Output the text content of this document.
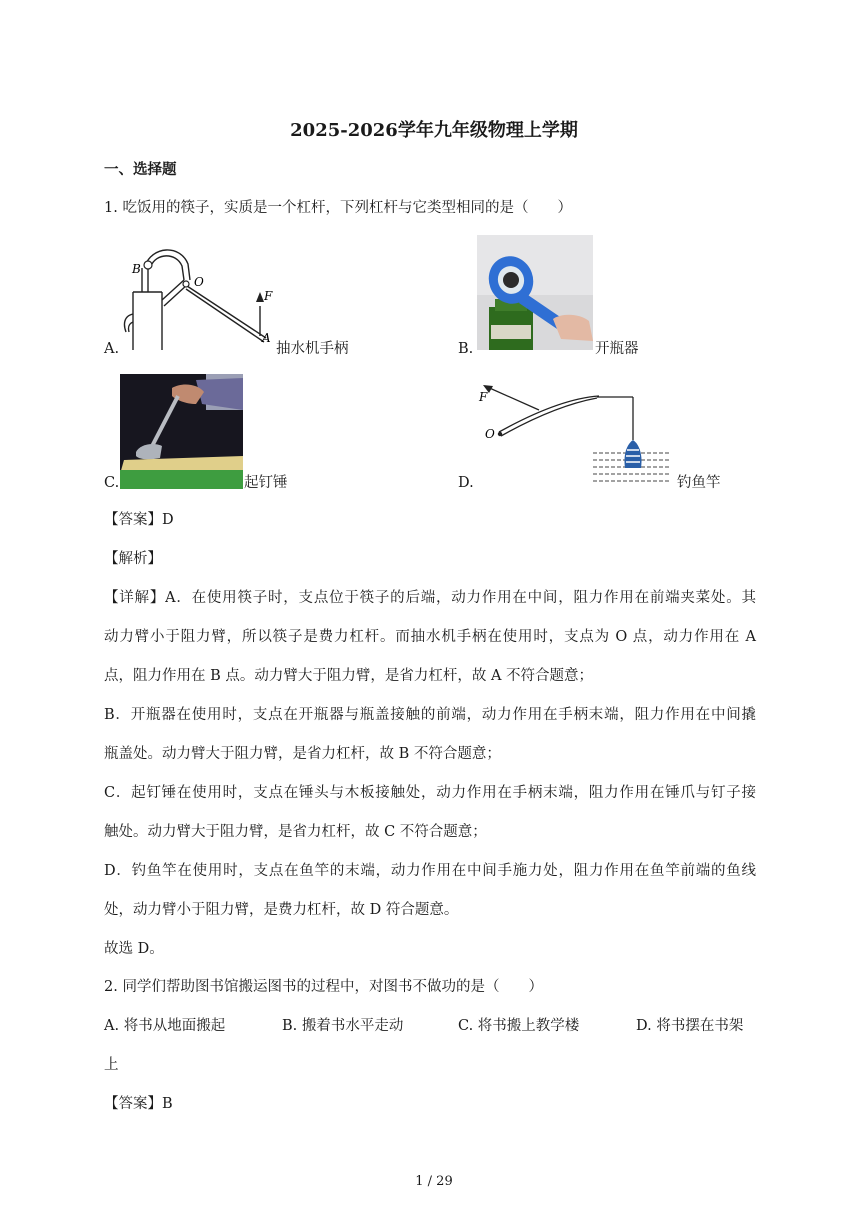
2025-2026学年九年级物理上学期
一、选择题
1. 吃饭用的筷子，实质是一个杠杆，下列杠杆与它类型相同的是（　　）
A.
B
O
F
A
抽水机手柄	B.	开瓶器
C.	起钉锤	D.
F
O
钓鱼竿
【答案】D
【解析】
【详解】A．在使用筷子时，支点位于筷子的后端，动力作用在中间，阻力作用在前端夹菜处。其
动力臂小于阻力臂，所以筷子是费力杠杆。而抽水机手柄在使用时，支点为 O 点，动力作用在 A
点，阻力作用在 B 点。动力臂大于阻力臂，是省力杠杆，故 A 不符合题意；
B．开瓶器在使用时，支点在开瓶器与瓶盖接触的前端，动力作用在手柄末端，阻力作用在中间撬
瓶盖处。动力臂大于阻力臂，是省力杠杆，故 B 不符合题意；
C．起钉锤在使用时，支点在锤头与木板接触处，动力作用在手柄末端，阻力作用在锤爪与钉子接
触处。动力臂大于阻力臂，是省力杠杆，故 C 不符合题意；
D．钓鱼竿在使用时，支点在鱼竿的末端，动力作用在中间手施力处，阻力作用在鱼竿前端的鱼线
处，动力臂小于阻力臂，是费力杠杆，故 D 符合题意。
故选 D。
2. 同学们帮助图书馆搬运图书的过程中，对图书不做功的是（　　）
A. 将书从地面搬起	B. 搬着书水平走动	C. 将书搬上教学楼	D. 将书摆在书架
上
【答案】B
1 / 29
